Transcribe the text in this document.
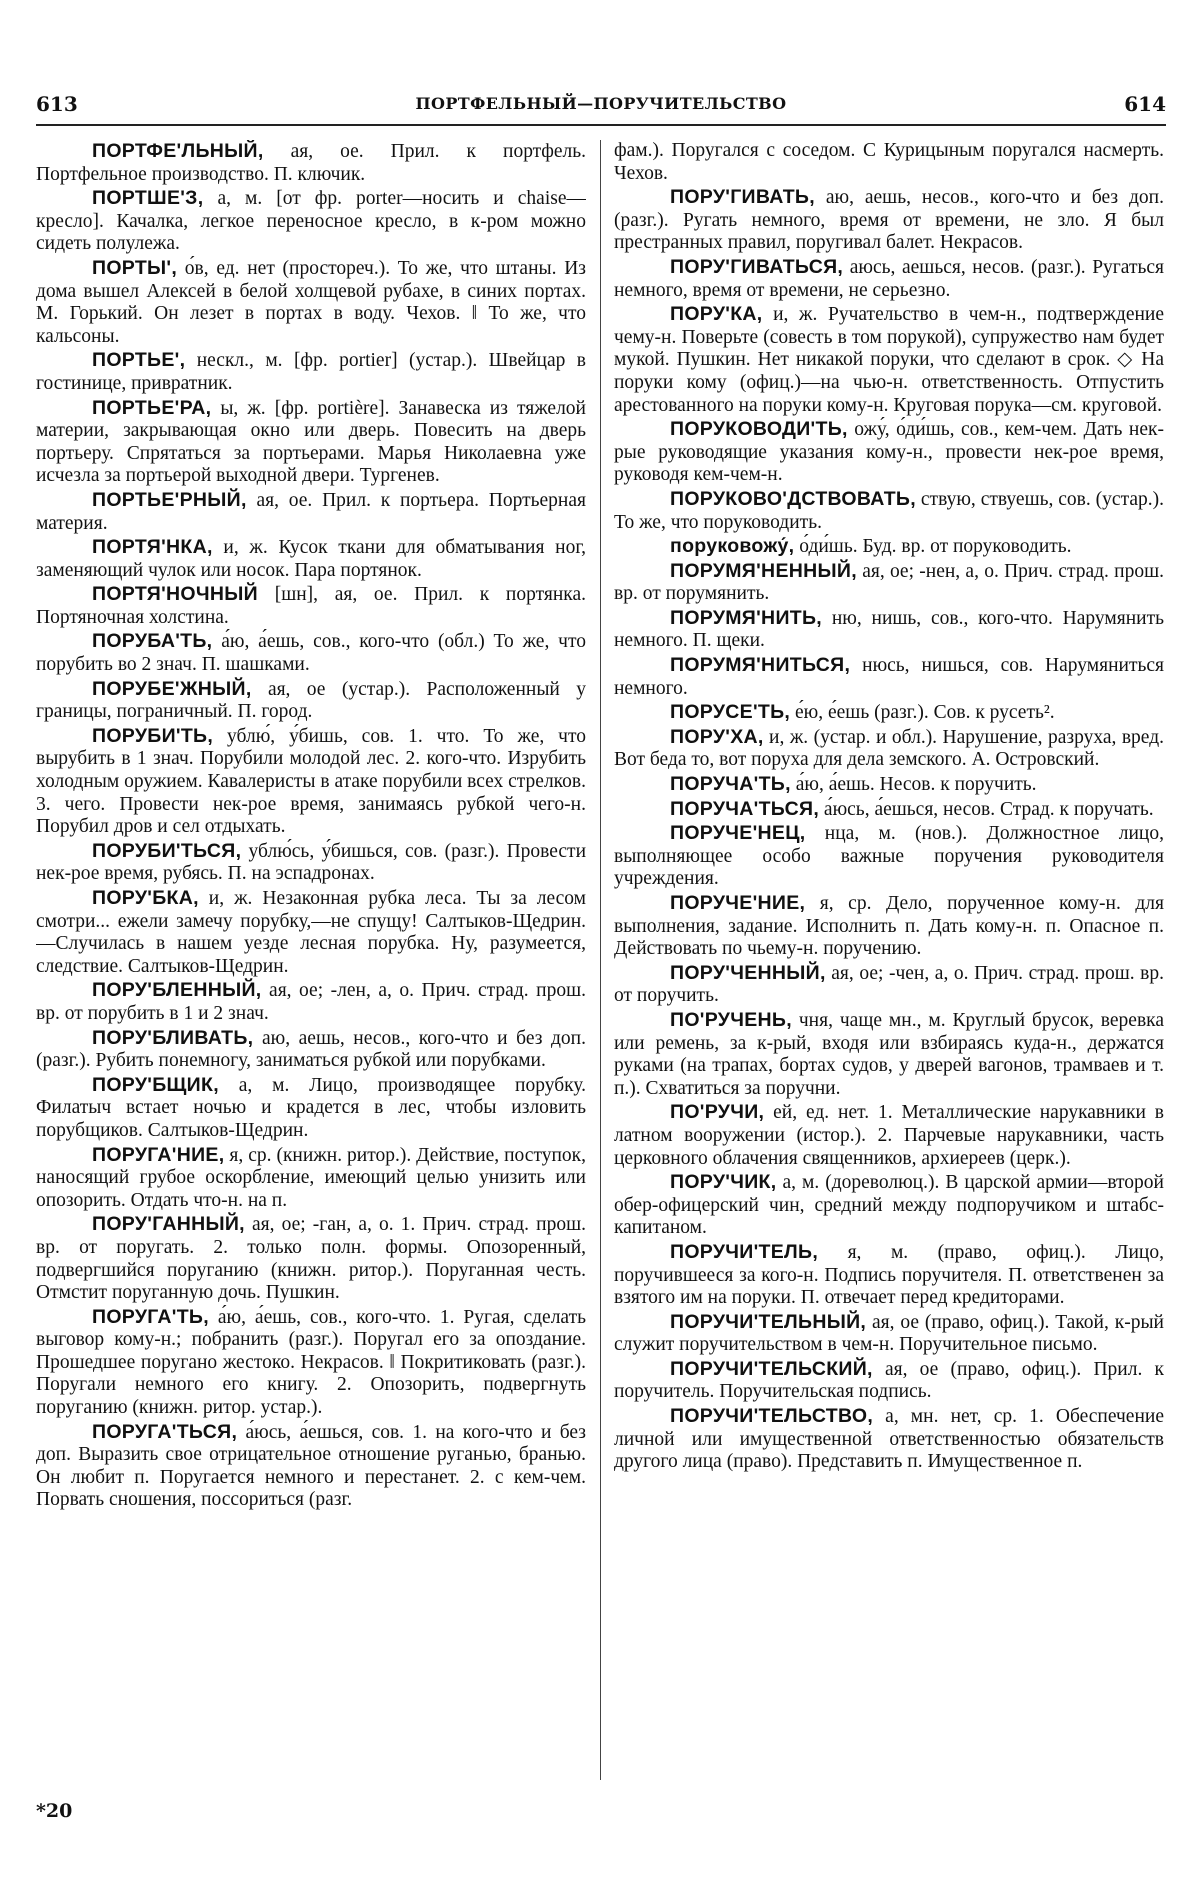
613	ПОРТФЕЛЬНЫЙ—ПОРУЧИТЕЛЬСТВО	614

ПОРТФЕ'ЛЬНЫЙ, ая, ое. Прил. к портфель. Портфельное производство. П. ключик.

ПОРТШЕ'З, а, м. [от фр. porter—носить и chaise—кресло]. Качалка, легкое переносное кресло, в к-ром можно сидеть полулежа.

ПОРТЫ', о́в, ед. нет (простореч.). То же, что штаны. Из дома вышел Алексей в белой холщевой рубахе, в синих портах. М. Горький. Он лезет в портах в воду. Чехов. ‖ То же, что кальсоны.

ПОРТЬЕ', нескл., м. [фр. portier] (устар.). Швейцар в гостинице, привратник.

ПОРТЬЕ'РА, ы, ж. [фр. portière]. Занавеска из тяжелой материи, закрывающая окно или дверь. Повесить на дверь портьеру. Спрятаться за портьерами. Марья Николаевна уже исчезла за портьерой выходной двери. Тургенев.

ПОРТЬЕ'РНЫЙ, ая, ое. Прил. к портьера. Портьерная материя.

ПОРТЯ'НКА, и, ж. Кусок ткани для обматывания ног, заменяющий чулок или носок. Пара портянок.

ПОРТЯ'НОЧНЫЙ [шн], ая, ое. Прил. к портянка. Портяночная холстина.

ПОРУБА'ТЬ, а́ю, а́ешь, сов., кого-что (обл.) То же, что порубить во 2 знач. П. шашками.

ПОРУБЕ'ЖНЫЙ, ая, ое (устар.). Расположенный у границы, пограничный. П. город.

ПОРУБИ'ТЬ, ублю́, у́бишь, сов. 1. что. То же, что вырубить в 1 знач. Порубили молодой лес. 2. кого-что. Изрубить холодным оружием. Кавалеристы в атаке порубили всех стрелков. 3. чего. Провести нек-рое время, занимаясь рубкой чего-н. Порубил дров и сел отдыхать.

ПОРУБИ'ТЬСЯ, ублю́сь, у́бишься, сов. (разг.). Провести нек-рое время, рубясь. П. на эспадронах.

ПОРУ'БКА, и, ж. Незаконная рубка леса. Ты за лесом смотри... ежели замечу порубку,—не спущу! Салтыков-Щедрин.—Случилась в нашем уезде лесная порубка. Ну, разумеется, следствие. Салтыков-Щедрин.

ПОРУ'БЛЕННЫЙ, ая, ое; -лен, а, о. Прич. страд. прош. вр. от порубить в 1 и 2 знач.

ПОРУ'БЛИВАТЬ, аю, аешь, несов., кого-что и без доп. (разг.). Рубить понемногу, заниматься рубкой или порубками.

ПОРУ'БЩИК, а, м. Лицо, производящее порубку. Филатыч встает ночью и крадется в лес, чтобы изловить порубщиков. Салтыков-Щедрин.

ПОРУГА'НИЕ, я, ср. (книжн. ритор.). Действие, поступок, наносящий грубое оскорбление, имеющий целью унизить или опозорить. Отдать что-н. на п.

ПОРУ'ГАННЫЙ, ая, ое; -ган, а, о. 1. Прич. страд. прош. вр. от поругать. 2. только полн. формы. Опозоренный, подвергшийся поруганию (книжн. ритор.). Поруганная честь. Отмстит поруганную дочь. Пушкин.

ПОРУГА'ТЬ, а́ю, а́ешь, сов., кого-что. 1. Ругая, сделать выговор кому-н.; побранить (разг.). Поругал его за опоздание. Прошедшее поругано жестоко. Некрасов. ‖ Покритиковать (разг.). Поругали немного его книгу. 2. Опозорить, подвергнуть поруганию (книжн. ритор. устар.).

ПОРУГА'ТЬСЯ, а́юсь, а́ешься, сов. 1. на кого-что и без доп. Выразить свое отрицательное отношение руганью, бранью. Он любит п. Поругается немного и перестанет. 2. с кем-чем. Порвать сношения, поссориться (разг.

фам.). Поругался с соседом. С Курицыным поругался насмерть. Чехов.

ПОРУ'ГИВАТЬ, аю, аешь, несов., кого-что и без доп. (разг.). Ругать немного, время от времени, не зло. Я был престранных правил, поругивал балет. Некрасов.

ПОРУ'ГИВАТЬСЯ, аюсь, аешься, несов. (разг.). Ругаться немного, время от времени, не серьезно.

ПОРУ'КА, и, ж. Ручательство в чем-н., подтверждение чему-н. Поверьте (совесть в том порукой), супружество нам будет мукой. Пушкин. Нет никакой поруки, что сделают в срок. ◇ На поруки кому (офиц.)—на чью-н. ответственность. Отпустить арестованного на поруки кому-н. Круговая порука—см. круговой.

ПОРУКОВОДИ'ТЬ, ожу́, о́ди́шь, сов., кем-чем. Дать нек-рые руководящие указания кому-н., провести нек-рое время, руководя кем-чем-н.

ПОРУКОВО'ДСТВОВАТЬ, ствую, ствуешь, сов. (устар.). То же, что поруководить.

поруковожу́, о́ди́шь. Буд. вр. от поруководить.

ПОРУМЯ'НЕННЫЙ, ая, ое; -нен, а, о. Прич. страд. прош. вр. от порумянить.

ПОРУМЯ'НИТЬ, ню, нишь, сов., кого-что. Нарумянить немного. П. щеки.

ПОРУМЯ'НИТЬСЯ, нюсь, нишься, сов. Нарумяниться немного.

ПОРУСЕ'ТЬ, е́ю, е́ешь (разг.). Сов. к русеть².

ПОРУ'ХА, и, ж. (устар. и обл.). Нарушение, разруха, вред. Вот беда то, вот поруха для дела земского. А. Островский.

ПОРУЧА'ТЬ, а́ю, а́ешь. Несов. к поручить.

ПОРУЧА'ТЬСЯ, а́юсь, а́ешься, несов. Страд. к поручать.

ПОРУЧЕ'НЕЦ, нца, м. (нов.). Должностное лицо, выполняющее особо важные поручения руководителя учреждения.

ПОРУЧЕ'НИЕ, я, ср. Дело, порученное кому-н. для выполнения, задание. Исполнить п. Дать кому-н. п. Опасное п. Действовать по чьему-н. поручению.

ПОРУ'ЧЕННЫЙ, ая, ое; -чен, а, о. Прич. страд. прош. вр. от поручить.

ПО'РУЧЕНЬ, чня, чаще мн., м. Круглый брусок, веревка или ремень, за к-рый, входя или взбираясь куда-н., держатся руками (на трапах, бортах судов, у дверей вагонов, трамваев и т. п.). Схватиться за поручни.

ПО'РУЧИ, ей, ед. нет. 1. Металлические нарукавники в латном вооружении (истор.). 2. Парчевые нарукавники, часть церковного облачения священников, архиереев (церк.).

ПОРУ'ЧИК, а, м. (дореволюц.). В царской армии—второй обер-офицерский чин, средний между подпоручиком и штабс-капитаном.

ПОРУЧИ'ТЕЛЬ, я, м. (право, офиц.). Лицо, поручившееся за кого-н. Подпись поручителя. П. ответственен за взятого им на поруки. П. отвечает перед кредиторами.

ПОРУЧИ'ТЕЛЬНЫЙ, ая, ое (право, офиц.). Такой, к-рый служит поручительством в чем-н. Поручительное письмо.

ПОРУЧИ'ТЕЛЬСКИЙ, ая, ое (право, офиц.). Прил. к поручитель. Поручительская подпись.

ПОРУЧИ'ТЕЛЬСТВО, а, мн. нет, ср. 1. Обеспечение личной или имущественной ответственностью обязательств другого лица (право). Представить п. Имущественное п.

*20
